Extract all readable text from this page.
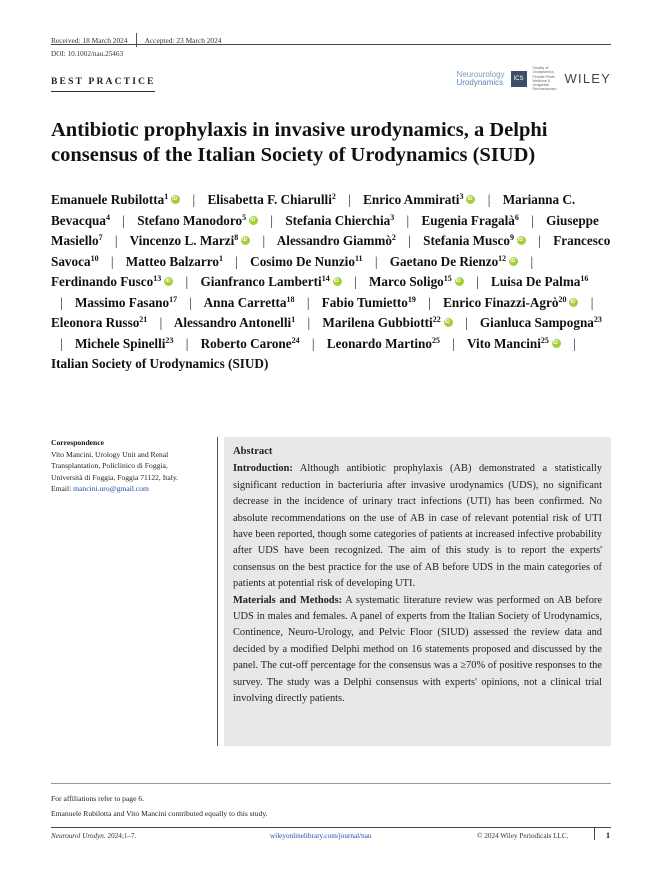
Received: 18 March 2024 Accepted: 23 March 2024
DOI: 10.1002/nau.25463
BEST PRACTICE
Neurourology
Urodynamics	ICS
Society of Urodynamics, Female Pelvic Medicine & Urogenital Reconstruction
WILEY
Antibiotic prophylaxis in invasive urodynamics, a Delphi consensus of the Italian Society of Urodynamics (SIUD)

Emanuele Rubilotta$^1$ iD | Elisabetta F. Chiarulli$^2$ | Enrico Ammirati$^3$ iD | Marianna C. Bevacqua$^4$ | Stefano Manodoro$^5$ iD | Stefania Chierchia$^3$ | Eugenia Fragalà$^6$ | Giuseppe Masiello$^7$ | Vincenzo L. Marzi$^8$ iD | Alessandro Giammò$^2$ | Stefania Musco$^9$ iD | Francesco Savoca$^{10}$ | Matteo Balzarro$^1$ | Cosimo De Nunzio$^{11}$ | Gaetano De Rienzo$^{12}$ iD | Ferdinando Fusco$^{13}$ iD | Gianfranco Lamberti$^{14}$ iD | Marco Soligo$^{15}$ iD | Luisa De Palma$^{16}$ | Massimo Fasano$^{17}$ | Anna Carretta$^{18}$ | Fabio Tumietto$^{19}$ | Enrico Finazzi-Agrò$^{20}$ iD | Eleonora Russo$^{21}$ | Alessandro Antonelli$^1$ | Marilena Gubbiotti$^{22}$ iD | Gianluca Sampogna$^{23}$ | Michele Spinelli$^{23}$ | Roberto Carone$^{24}$ | Leonardo Martino$^{25}$ | Vito Mancini$^{25}$iD | Italian Society of Urodynamics (SIUD)

Correspondence
Vito Mancini, Urology Unit and Renal
Transplantation, Policlinico di Foggia,
Università di Foggia, Foggia 71122, Italy.
Email: mancini.uro@gmail.com
Abstract

Introduction: Although antibiotic prophylaxis (AB) demonstrated a statistically significant reduction in bacteriuria after invasive urodynamics (UDS), no significant decrease in the incidence of urinary tract infections (UTI) has been confirmed. No absolute recommendations on the use of AB in case of relevant potential risk of UTI have been reported, though some categories of patients at increased infective probability after UDS have been recognized. The aim of this study is to report the experts' consensus on the best practice for the use of AB before UDS in the main categories of patients at potential risk of developing UTI.

Materials and Methods: A systematic literature review was performed on AB before UDS in males and females. A panel of experts from the Italian Society of Urodynamics, Continence, Neuro-Urology, and Pelvic Floor (SIUD) assessed the review data and decided by a modified Delphi method on 16 statements proposed and discussed by the panel. The cut-off percentage for the consensus was a ≥70% of positive responses to the survey. The study was a Delphi consensus with experts' opinions, not a clinical trial involving directly patients.

For affiliations refer to page 6.
Emanuele Rubilotta and Vito Mancini contributed equally to this study.
Neurourol Urodyn. 2024;1–7.	wileyonlinelibrary.com/journal/nau	© 2024 Wiley Periodicals LLC.	1
